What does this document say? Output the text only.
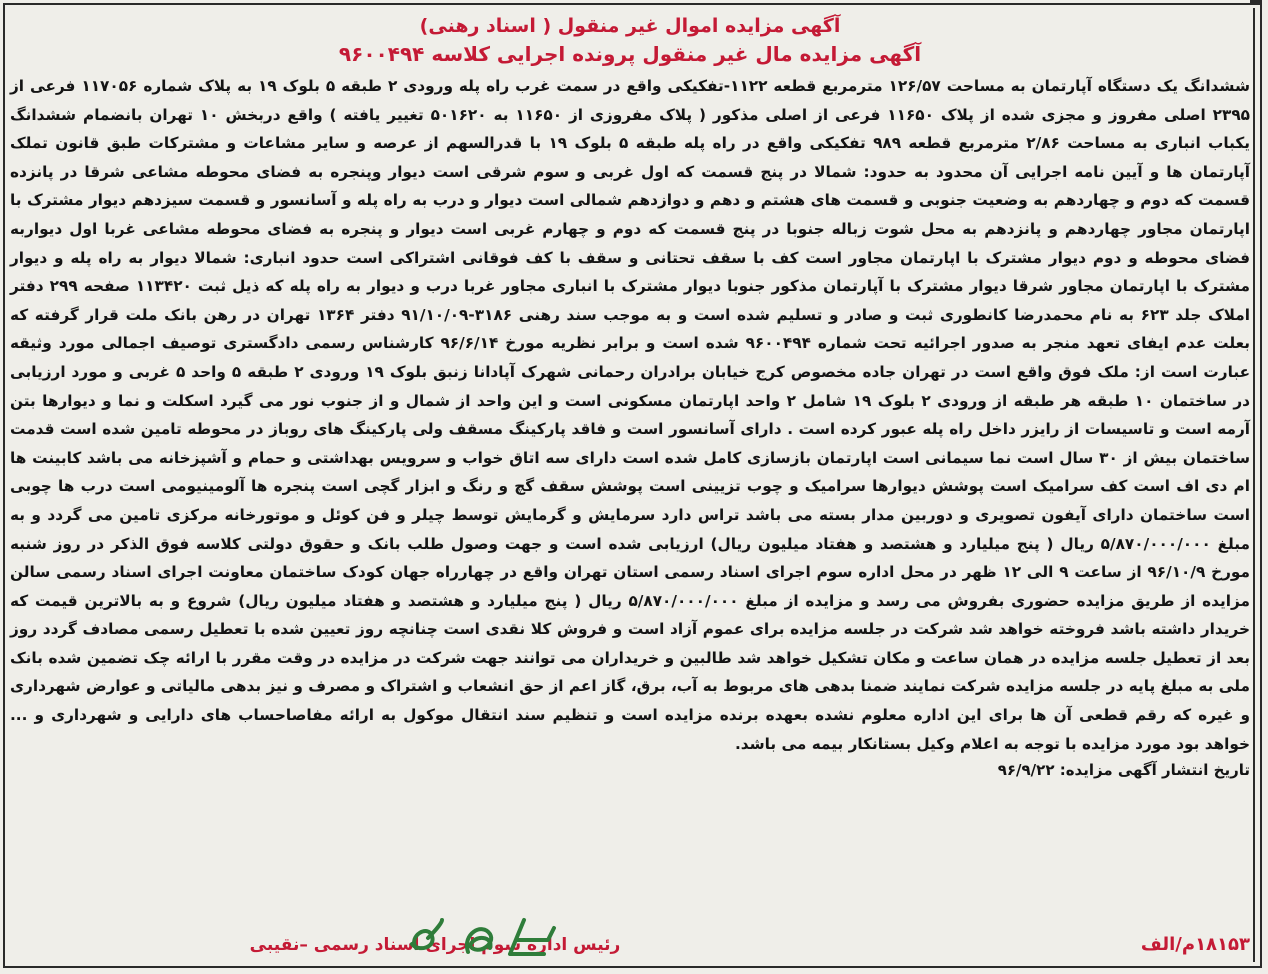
آگهی مزایده اموال غیر منقول ( اسناد رهنی)
آگهی مزایده مال غیر منقول پرونده اجرایی کلاسه ۹۶۰۰۴۹۴

ششدانگ یک دستگاه آپارتمان به مساحت ۱۲۶/۵۷ مترمربع قطعه ۱۱۲۲-تفکیکی واقع در سمت غرب راه پله ورودی ۲ طبقه ۵ بلوک ۱۹ به پلاک شماره ۱۱۷۰۵۶ فرعی از ۲۳۹۵ اصلی مفروز و مجزی شده از پلاک ۱۱۶۵۰ فرعی از اصلی مذکور ( پلاک مفروزی از ۱۱۶۵۰ به ۵۰۱۶۲۰ تغییر یافته ) واقع دربخش ۱۰ تهران بانضمام ششدانگ یکباب انباری به مساحت ۲/۸۶ مترمربع قطعه ۹۸۹ تفکیکی واقع در راه پله طبقه ۵ بلوک ۱۹ با قدرالسهم از عرصه و سایر مشاعات و مشترکات طبق قانون تملک آپارتمان ها و آیین نامه اجرایی آن محدود به حدود: شمالا در پنج قسمت که اول غربی و سوم شرقی است دیوار وپنجره به فضای محوطه مشاعی شرقا در پانزده قسمت که دوم و چهاردهم به وضعیت جنوبی و قسمت های هشتم و دهم و دوازدهم شمالی است دیوار و درب به راه پله و آسانسور و قسمت سیزدهم دیوار مشترک با اپارتمان مجاور چهاردهم و پانزدهم به محل شوت زباله جنوبا در پنج قسمت که دوم و چهارم غربی است دیوار و پنجره به فضای محوطه مشاعی غربا اول دیواربه فضای محوطه و دوم دیوار مشترک با اپارتمان مجاور است کف با سقف تحتانی و سقف با کف فوقانی اشتراکی است حدود انباری: شمالا دیوار به راه پله و دیوار مشترک با اپارتمان مجاور شرقا دیوار مشترک با آپارتمان مذکور جنوبا دیوار مشترک با انباری مجاور غربا درب و دیوار به راه پله که ذیل ثبت ۱۱۳۴۲۰ صفحه ۲۹۹ دفتر املاک جلد ۶۲۳ به نام محمدرضا کانطوری ثبت و صادر و تسلیم شده است و به موجب سند رهنی ۳۱۸۶-۹۱/۱۰/۰۹ دفتر ۱۳۶۴ تهران در رهن بانک ملت قرار گرفته که بعلت عدم ایفای تعهد منجر به صدور اجرائیه تحت شماره ۹۶۰۰۴۹۴ شده است و برابر نظریه مورخ ۹۶/۶/۱۴ کارشناس رسمی دادگستری توصیف اجمالی مورد وثیقه عبارت است از: ملک فوق واقع است در تهران جاده مخصوص کرج خیابان برادران رحمانی شهرک آپادانا زنبق بلوک ۱۹ ورودی ۲ طبقه ۵ واحد ۵ غربی و مورد ارزیابی در ساختمان ۱۰ طبقه هر طبقه از ورودی ۲ بلوک ۱۹ شامل ۲ واحد اپارتمان مسکونی است و این واحد از شمال و از جنوب نور می گیرد اسکلت و نما و دیوارها بتن آرمه است و تاسیسات از رایزر داخل راه پله عبور کرده است . دارای آسانسور است و فاقد پارکینگ مسقف ولی پارکینگ های روباز در محوطه تامین شده است قدمت ساختمان بیش از ۳۰ سال است نما سیمانی است اپارتمان بازسازی کامل شده است دارای سه اتاق خواب و سرویس بهداشتی و حمام و آشپزخانه می باشد کابینت ها ام دی اف است کف سرامیک است پوشش دیوارها سرامیک و چوب تزیینی است پوشش سقف گچ و رنگ و ابزار گچی است پنجره ها آلومینیومی است درب ها چوبی است ساختمان دارای آیفون تصویری و دوربین مدار بسته می باشد تراس دارد سرمایش و گرمایش توسط چیلر و فن کوئل و موتورخانه مرکزی تامین می گردد و به مبلغ ۵/۸۷۰/۰۰۰/۰۰۰ ریال ( پنج میلیارد و هشتصد و هفتاد میلیون ریال) ارزیابی شده است و جهت وصول طلب بانک و حقوق دولتی کلاسه فوق الذکر در روز شنبه مورخ ۹۶/۱۰/۹ از ساعت ۹ الی ۱۲ ظهر در محل اداره سوم اجرای اسناد رسمی استان تهران واقع در چهارراه جهان کودک ساختمان معاونت اجرای اسناد رسمی سالن مزایده از طریق مزایده حضوری بفروش می رسد و مزایده از مبلغ ۵/۸۷۰/۰۰۰/۰۰۰ ریال ( پنج میلیارد و هشتصد و هفتاد میلیون ریال) شروع و به بالاترین قیمت که خریدار داشته باشد فروخته خواهد شد شرکت در جلسه مزایده برای عموم آزاد است و فروش کلا نقدی است چنانچه روز تعیین شده با تعطیل رسمی مصادف گردد روز بعد از تعطیل جلسه مزایده در همان ساعت و مکان تشکیل خواهد شد طالبین و خریداران می توانند جهت شرکت در مزایده در وقت مقرر با ارائه چک تضمین شده بانک ملی به مبلغ پایه در جلسه مزایده شرکت نمایند ضمنا بدهی های مربوط به آب، برق، گاز اعم از حق انشعاب و اشتراک و مصرف و نیز بدهی مالیاتی و عوارض شهرداری و غیره که رقم قطعی آن ها برای این اداره معلوم نشده بعهده برنده مزایده است و تنظیم سند انتقال موکول به ارائه مفاصاحساب های دارایی و شهرداری و ... خواهد بود مورد مزایده با توجه به اعلام وکیل بستانکار بیمه می باشد.

تاریخ انتشار آگهی مزایده: ۹۶/۹/۲۲

۱۸۱۵۳م/الف
رئیس اداره سوم اجرای اسناد رسمی –نقیبی
